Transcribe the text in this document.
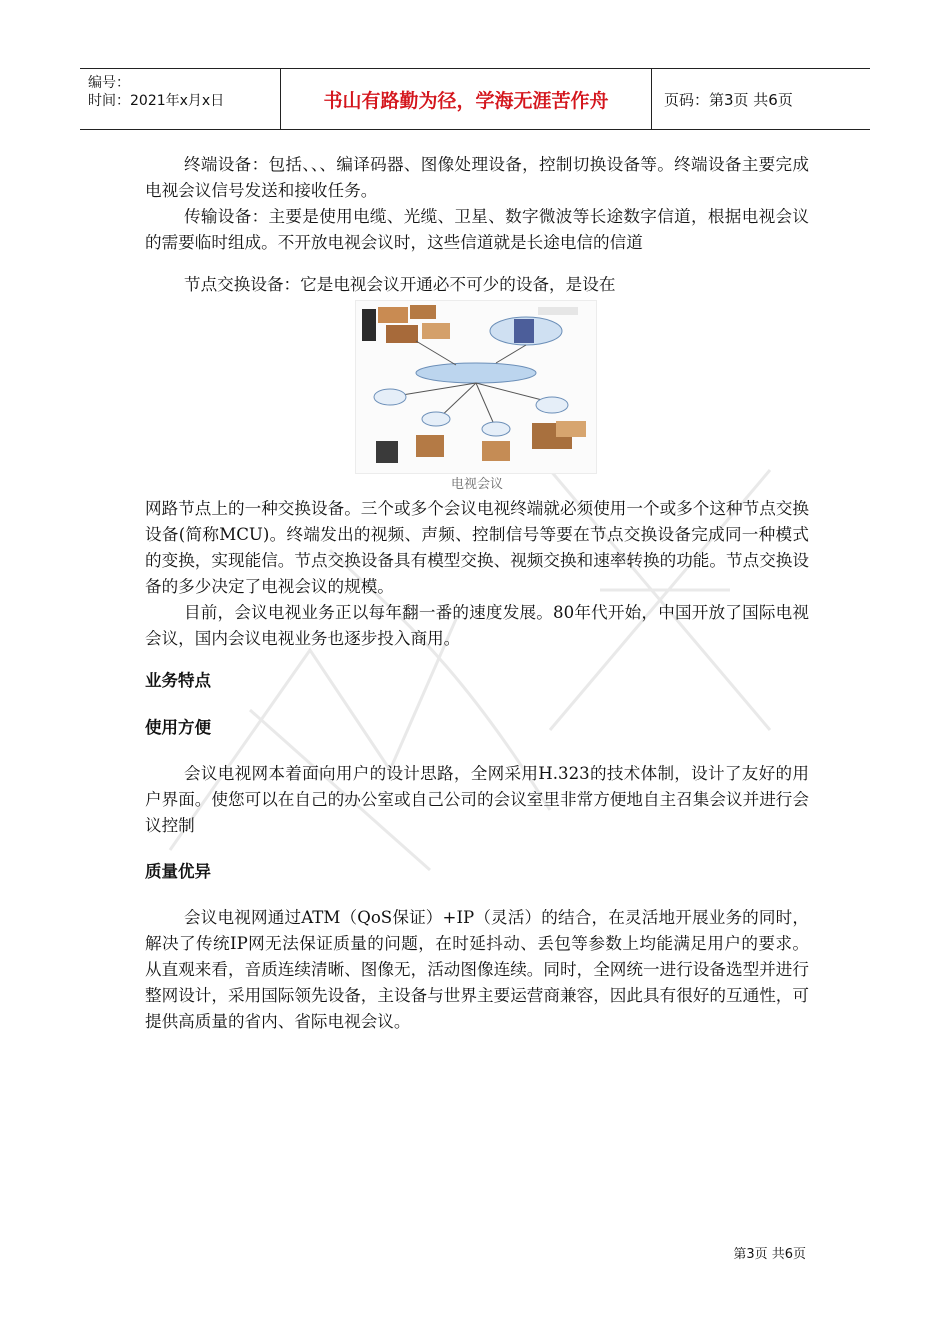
编号：
时间：2021年x月x日	书山有路勤为径，学海无涯苦作舟	页码：第3页 共6页

终端设备：包括、、、编译码器、图像处理设备，控制切换设备等。终端设备主要完成电视会议信号发送和接收任务。

传输设备：主要是使用电缆、光缆、卫星、数字微波等长途数字信道，根据电视会议的需要临时组成。不开放电视会议时，这些信道就是长途电信的信道

节点交换设备：它是电视会议开通必不可少的设备，是设在

电视会议

网路节点上的一种交换设备。三个或多个会议电视终端就必须使用一个或多个这种节点交换设备(简称MCU)。终端发出的视频、声频、控制信号等要在节点交换设备完成同一种模式的变换，实现能信。节点交换设备具有模型交换、视频交换和速率转换的功能。节点交换设备的多少决定了电视会议的规模。

目前，会议电视业务正以每年翻一番的速度发展。80年代开始，中国开放了国际电视会议，国内会议电视业务也逐步投入商用。

业务特点

使用方便

会议电视网本着面向用户的设计思路，全网采用H.323的技术体制，设计了友好的用户界面。使您可以在自己的办公室或自己公司的会议室里非常方便地自主召集会议并进行会议控制

质量优异

会议电视网通过ATM（QoS保证）+IP（灵活）的结合，在灵活地开展业务的同时，解决了传统IP网无法保证质量的问题，在时延抖动、丢包等参数上均能满足用户的要求。从直观来看，音质连续清晰、图像无，活动图像连续。同时，全网统一进行设备选型并进行整网设计，采用国际领先设备，主设备与世界主要运营商兼容，因此具有很好的互通性，可提供高质量的省内、省际电视会议。

第3页 共6页
